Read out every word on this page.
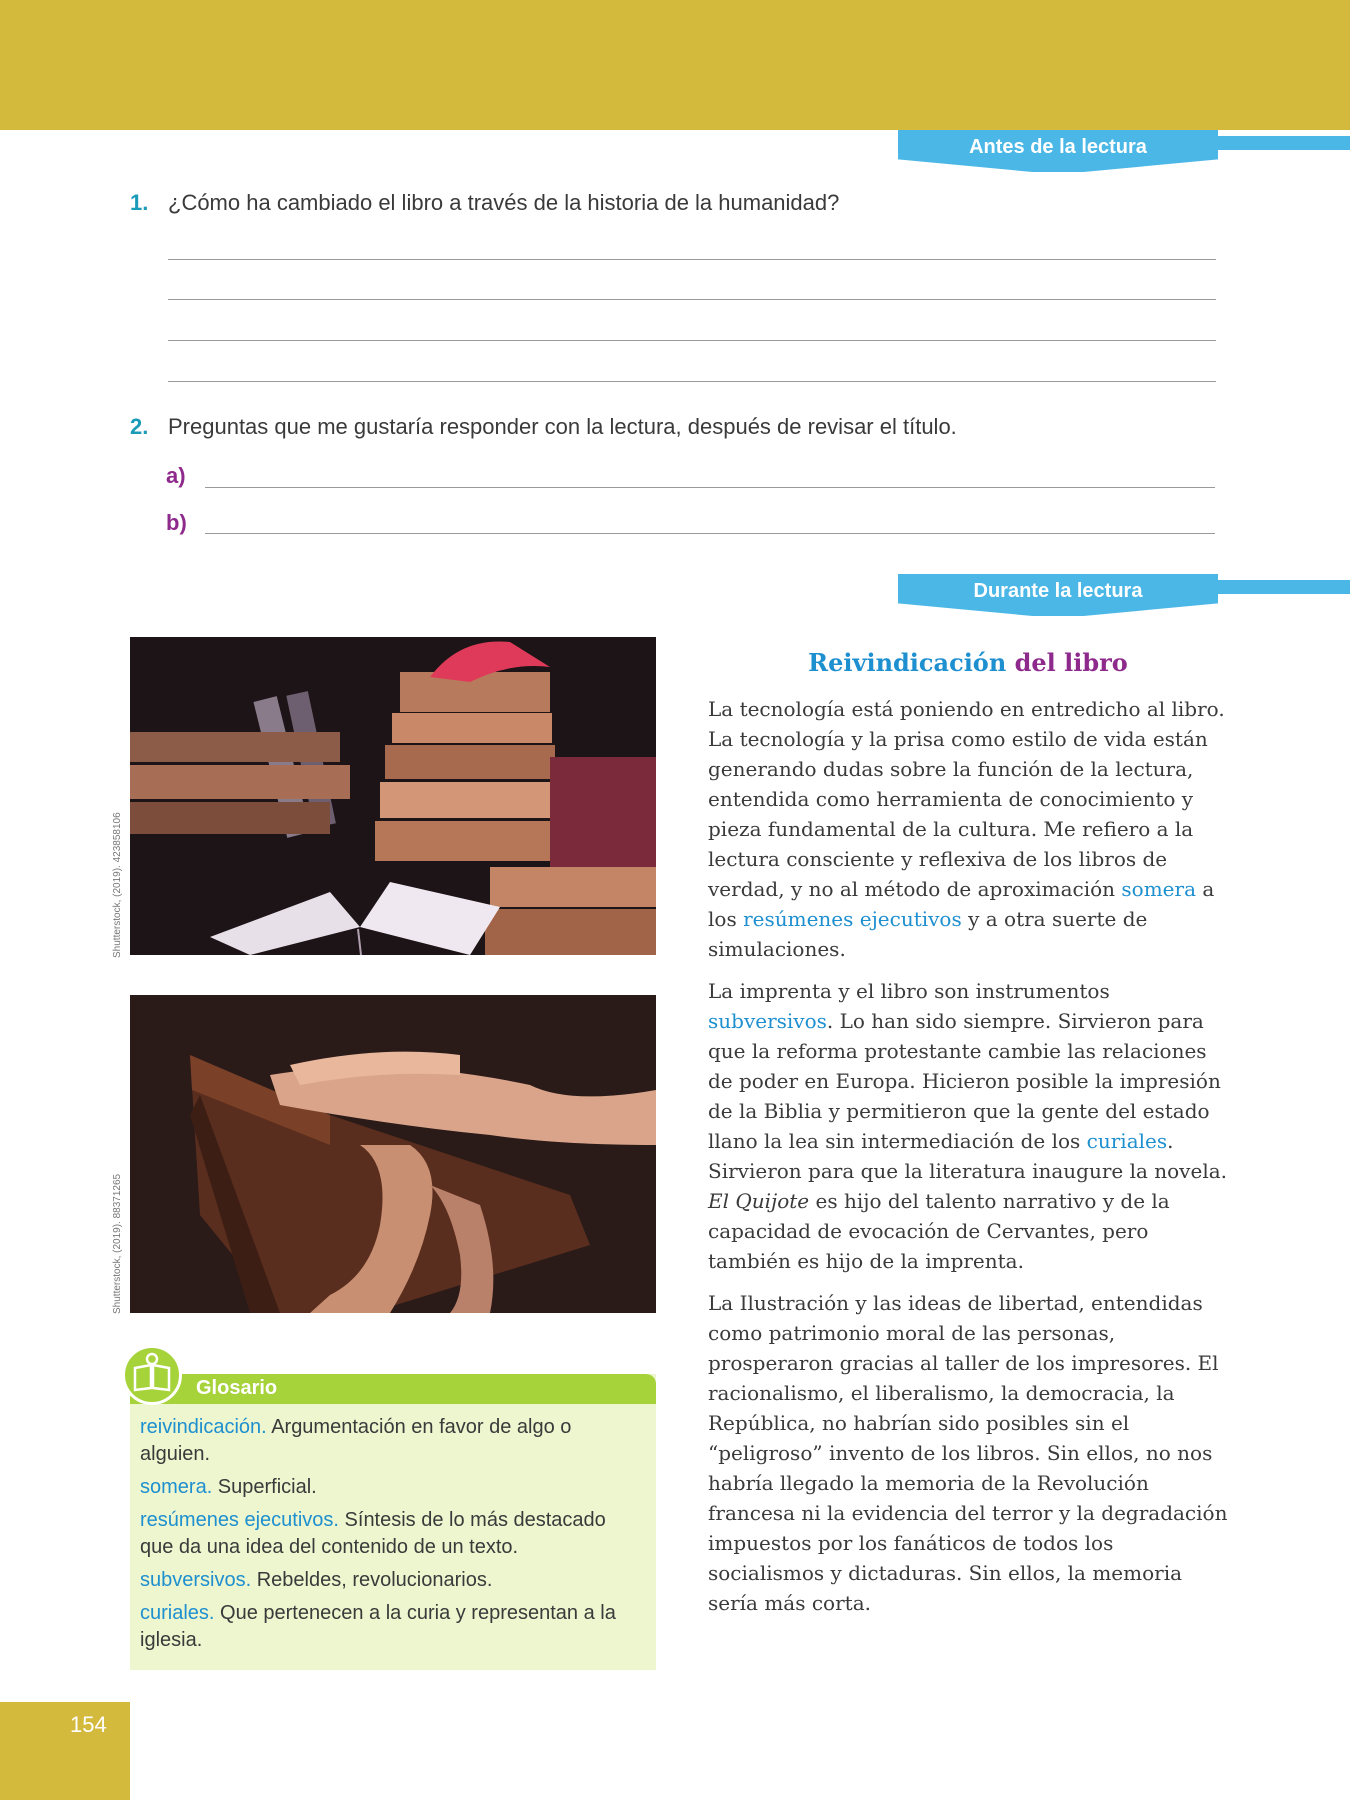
Antes de la lectura
1. ¿Cómo ha cambiado el libro a través de la historia de la humanidad?
2. Preguntas que me gustaría responder con la lectura, después de revisar el título.
a)
b)
Durante la lectura
Shutterstock, (2019). 423858106
Shutterstock, (2019). 88371265
Glosario
reivindicación. Argumentación en favor de algo o alguien.
somera. Superficial.
resúmenes ejecutivos. Síntesis de lo más destacado que da una idea del contenido de un texto.
subversivos. Rebeldes, revolucionarios.
curiales. Que pertenecen a la curia y representan a la iglesia.
Reivindicación del libro

La tecnología está poniendo en entredicho al libro. La tecnología y la prisa como estilo de vida están generando dudas sobre la función de la lectura, entendida como herramienta de conocimiento y pieza fundamental de la cultura. Me refiero a la lectura consciente y reflexiva de los libros de verdad, y no al método de aproximación somera a los resúmenes ejecutivos y a otra suerte de simulaciones.

La imprenta y el libro son instrumentos subversivos. Lo han sido siempre. Sirvieron para que la reforma protestante cambie las relaciones de poder en Europa. Hicieron posible la impresión de la Biblia y permitieron que la gente del estado llano la lea sin intermediación de los curiales. Sirvieron para que la literatura inaugure la novela. El Quijote es hijo del talento narrativo y de la capacidad de evocación de Cervantes, pero también es hijo de la imprenta.

La Ilustración y las ideas de libertad, entendidas como patrimonio moral de las personas, prosperaron gracias al taller de los impresores. El racionalismo, el liberalismo, la democracia, la República, no habrían sido posibles sin el “peligroso” invento de los libros. Sin ellos, no nos habría llegado la memoria de la Revolución francesa ni la evidencia del terror y la degradación impuestos por los fanáticos de todos los socialismos y dictaduras. Sin ellos, la memoria sería más corta.

154
